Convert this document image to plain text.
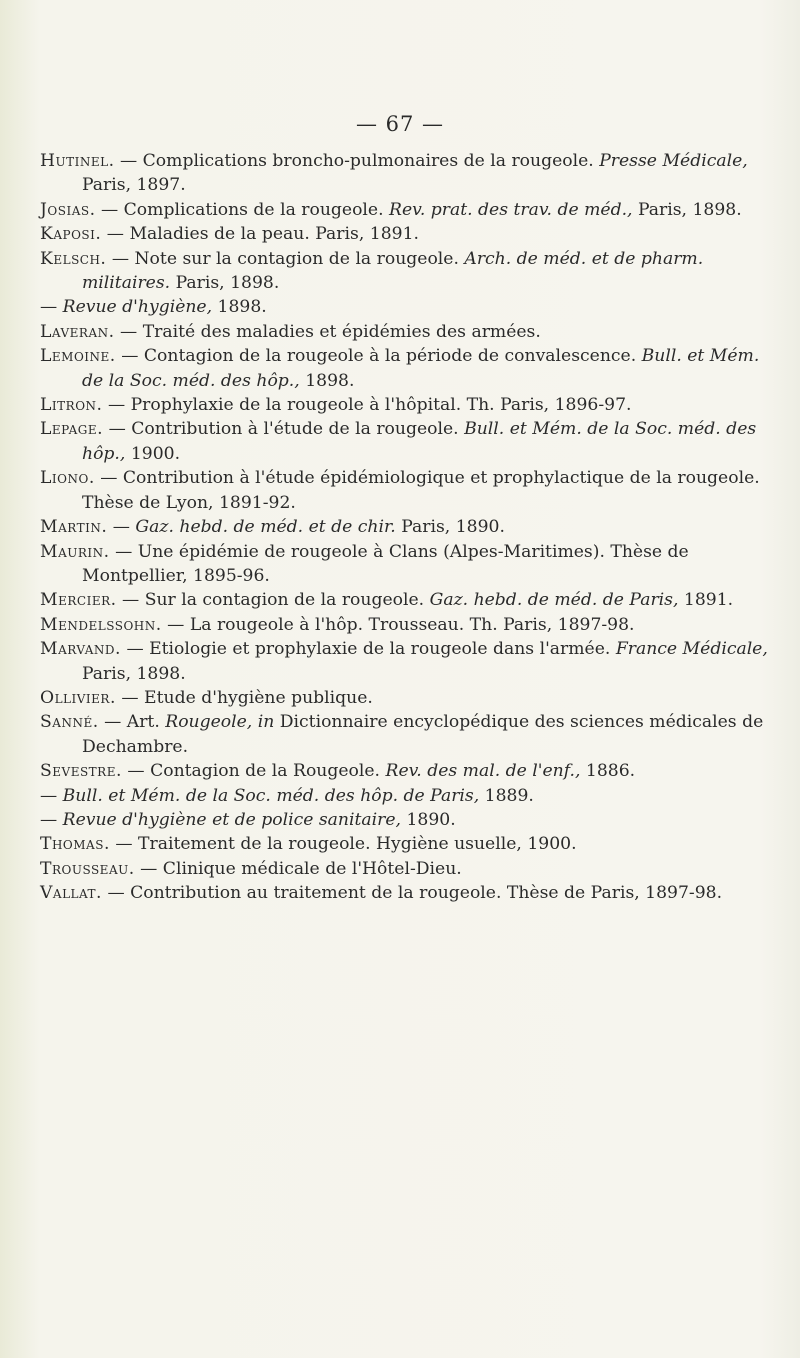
— 67 —

Hutinel. — Complications broncho-pulmonaires de la rougeole. Presse Médicale, Paris, 1897.

Josias. — Complications de la rougeole. Rev. prat. des trav. de méd., Paris, 1898.

Kaposi. — Maladies de la peau. Paris, 1891.

Kelsch. — Note sur la contagion de la rougeole. Arch. de méd. et de pharm. militaires. Paris, 1898.

— Revue d'hygiène, 1898.

Laveran. — Traité des maladies et épidémies des armées.

Lemoine. — Contagion de la rougeole à la période de convalescence. Bull. et Mém. de la Soc. méd. des hôp., 1898.

Litron. — Prophylaxie de la rougeole à l'hôpital. Th. Paris, 1896-97.

Lepage. — Contribution à l'étude de la rougeole. Bull. et Mém. de la Soc. méd. des hôp., 1900.

Liono. — Contribution à l'étude épidémiologique et prophylactique de la rougeole. Thèse de Lyon, 1891-92.

Martin. — Gaz. hebd. de méd. et de chir. Paris, 1890.

Maurin. — Une épidémie de rougeole à Clans (Alpes-Maritimes). Thèse de Montpellier, 1895-96.

Mercier. — Sur la contagion de la rougeole. Gaz. hebd. de méd. de Paris, 1891.

Mendelssohn. — La rougeole à l'hôp. Trousseau. Th. Paris, 1897-98.

Marvand. — Etiologie et prophylaxie de la rougeole dans l'armée. France Médicale, Paris, 1898.

Ollivier. — Etude d'hygiène publique.

Sanné. — Art. Rougeole, in Dictionnaire encyclopédique des sciences médicales de Dechambre.

Sevestre. — Contagion de la Rougeole. Rev. des mal. de l'enf., 1886.

— Bull. et Mém. de la Soc. méd. des hôp. de Paris, 1889.

— Revue d'hygiène et de police sanitaire, 1890.

Thomas. — Traitement de la rougeole. Hygiène usuelle, 1900.

Trousseau. — Clinique médicale de l'Hôtel-Dieu.

Vallat. — Contribution au traitement de la rougeole. Thèse de Paris, 1897-98.
